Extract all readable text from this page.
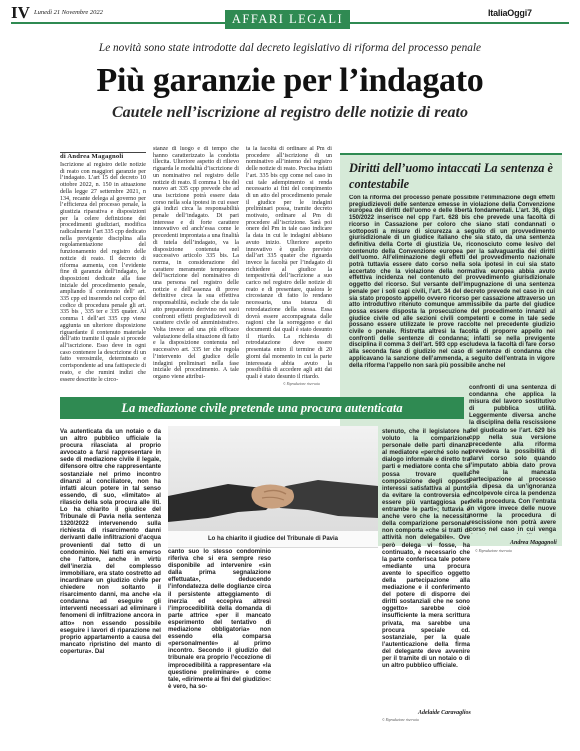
IV Lunedì 21 Novembre 2022	AFFARI LEGALI	ItaliaOggi7
Le novità sono state introdotte dal decreto legislativo di riforma del processo penale
Più garanzie per l’indagato
Cautele nell’iscrizione al registro delle notizie di reato
di Andrea Magagnoli
Iscrizione al registro delle notizie di reato con maggiori garanzie per l’indagato. L’art 15 del decreto 10 ottobre 2022, n. 150 in attuazione della legge 27 settembre 2021, n 134, recante delega al governo per l’efficienza del processo penale, la giustizia riparativa e disposizioni per la celere definizione dei procedimenti giudiziari, modifica radicalmente l’art 335 cpp dedicato nella previgente disciplina alla regolamentazione del funzionamento del registro delle notizie di reato. Il decreto di riforma aumenta, con l’evidente fine di garanzia dell’indagato, le disposizioni dedicate alla fase iniziale del procedimento penale, ampliando il contenuto dell’ art. 335 cpp ed inserendo nel corpo del codice di procedura penale gli art. 335 bis , 335 ter e 335 quater. Al comma 1 dell’art 335 cpp viene aggiunta un ulteriore disposizione riguardante il contenuto materiale dell’atto tramite il quale si procede all’iscrizione. Esso deve in ogni caso contenere la descrizione di un fatto verosimile, determinato e corrispondente ad una fattispecie di reato, e che rumini indizi che essere descritte le circo-
stanze di luogo e di tempo che hanno caratterizzato la condotta illecita. Ulteriore aspetto di rilievo riguarda le modalità d’iscrizione di un nominativo nel registro delle notizie di reato. Il comma 1 bis del nuovo art 335 cpp prevede che ad una iscrizione potrà essere data corso nella sola ipotesi in cui esser già indizi circa la responsabilità penale dell’indagato. Di pari interesse e di forte carattere innovativo ed anch’essa come le precedenti improntata a una finalità di tutela dell’indagato, va la disposizione contenuta nel successivo articolo 335 bis. La norma, in considerazione del carattere meramente temporaneo dell’iscrizione del nominativo di una persona nel registro delle notizie e dell’assenza di prove definitive circa la sua effettiva responsabilità, esclude che da tale atto preparatorio derivino nei suoi confronti effetti pregiudizievoli di carattere civile od amministrativo. Volta invece ad una più efficace valutazione della situazione di fatto e la disposizione contenuta nel successivo art. 335 ter che regola l’intervento del giudice delle indagini preliminari nella fase iniziale del procedimento. A tale organo viene attribui-
ta la facoltà di ordinare al Pm di procedere all’iscrizione di un nominativo all’interno del registro delle notizie di reato. Precisa infatti l’art. 335 bis cpp come nel caso in cui tale adempimento si renda necessario ai fini del compimento di un atto del procedimento penale il giudice per le indagini preliminari possa, tramite decreto motivato, ordinare al Pm di procedere all’iscrizione. Sarà poi onere del Pm in tale caso indicare la data in cui le indagini abbiano avuto inizio. Ulteriore aspetto innovativo è quello previsto dall’art 335 quater che riguarda invece la facoltà per l’indagato di richiedere al giudice la tempestività dell’iscrizione a suo carico nel registro delle notizie di reato e di presentare, qualora le circostanze di fatto lo rendano necessaria, una istanza di retrodatazione della stessa. Essa dovrà essere accompagnata dalle ragioni che la sorreggono e dai documenti dai quali è stato desunto il ritardo. La richiesta di retrodatazione deve essere presentata entro il termine di 20 giorni dal momento in cui la parte interessata abbia avuto la possibilità di accedere agli atti dai quali è stato desunto il ritardo.
© Riproduzione riservata
Diritti dell’uomo intaccati La sentenza è contestabile
Con la riforma del processo penale possibile l’eliminazione degli effetti pregiudizievoli delle sentenze emesse in violazione della Convenzione europea dei diritti dell’uomo e delle libertà fondamentali. L’art. 36, dlgs 150/2022 inserisce nel cpp l’art. 628 bis che prevede una facoltà di ricorso in Cassazione per coloro che siano stati condannati o sottoposti a misure di sicurezza a seguito di un provvedimento giurisdizionale di un giudice italiano che sia stato, da una sentenza definitiva della Corte di giustizia Ue, riconosciuto come lesivo del contenuto della Convenzione europea per la salvaguardia dei diritti dell’uomo. All’eliminazione degli effetti del provvedimento nazionale potrà tuttavia essere dato corso nella sola ipotesi in cui sia stato accertato che la violazione della normativa europea abbia avuto effettiva incidenza nel contenuto del provvedimento giurisdizionale oggetto del ricorso. Sul versante dell’impugnazione di una sentenza penale per i soli capi civili, l’art. 34 del decreto prevede nel caso in cui sia stato proposto appello ovvero ricorso per cassazione attraverso un atto introduttivo ritenuto comunque ammissibile da parte del giudice possa essere disposta la prosecuzione del procedimento innanzi al giudice civile od alle sezioni civili competenti e come in tale sede possano essere utilizzate le prove raccolte nel precedente giudizio civile o penale. Ristretta altresì la facoltà di proporre appello nei confronti delle sentenze di condanna; infatti se nella previgente disciplina il comma 3 dell’art. 593 cpp escludeva la facoltà di fare corso alla seconda fase di giudizio nel caso di sentenze di condanna che applicavano la sanzione dell’ammenda, a seguito dell’entrata in vigore della riforma l’appello non sarà più possibile anche nel
confronti di una sentenza di condanna che applica la misura del lavoro sostitutivo di pubblica utilità. Leggermente diversa anche la disciplina della rescissione del giudicato se l’art. 629 bis cpp nella sua versione precedente alla riforma prevedeva la possibilità di darvi corso solo quando l’imputato abbia dato prova che la mancata partecipazione al processo sia dipesa da un’ignoranza incolpevole circa la pendenza della procedura. Con l’entrata in vigore invece delle nuove norme la procedura di rescissione non potrà avere corso nel caso in cui venga
La mediazione civile pretende una procura autenticata
Va autenticata da un notaio o da un altro pubblico ufficiale la procura rilasciata al proprio avvocato a farsi rappresentare in sede di mediazione civile il legale, difensore oltre che rappresentante sostanziale nel primo incontro dinanzi al conciliatore, non ha infatti alcun potere in tal senso essendo, di suo, «limitato» al rilascio della sola procura alle liti. Lo ha chiarito il giudice del Tribunale di Pavia nella sentenza 1320/2022 intervenendo sulla richiesta di risarcimento danni derivanti dalle infiltrazioni d’acqua provenienti dal tetto di un condominio. Nei fatti era emerso che l’attore, anche in virtù dell’inerzia del complesso immobiliare, era stato costretto ad incardinare un giudizio civile per chiedere non soltanto il risarcimento danni, ma anche «la condanna ad eseguire gli interventi necessari ad eliminare i fenomeni di infiltrazione ancora in atto» non essendo possibile eseguire i lavori di riparazione nel proprio appartamento a causa del mancato ripristino del manto di copertura». Dal
Lo ha chiarito il giudice del Tribunale di Pavia
canto suo lo stesso condominio riferiva che si era sempre reso disponibile ad intervenire «sin dalla prima segnalazione effettuata», deducendo l’infondatezza delle doglianze circa il persistente atteggiamento di inerzia ed eccepiva altresì l’improcedibilità della domanda di parte attrice «per il mancato esperimento del tentativo di mediazione obbligatoria» non essendo ella comparsa «personalmente» al primo incontro. Secondo il giudizio del tribunale era proprio l’eccezione di improcedibilità a rappresentare «la questione preliminare» e come tale, «dirimente ai fini del giudizio»: è vero, ha so-
stenuto, che il legislatore ha voluto la comparizione personale delle parti dinanzi al mediatore «perché solo nel dialogo informale e diretto tra parti e mediatore conta che si possa trovare quella composizione degli opposti interessi satisfattiva al punto da evitare la controversia ed essere più vantaggiosa per entrambe le parti»; tuttavia è anche vero che la necessità della comparizione personale non comporta «che si tratti di attività non delegabile». Ove però delega vi fosse, ha continuato, è necessario che la parte conferisca tale potere «mediante una procura avente lo specifico oggetto della partecipazione alla mediazione e il conferimento del potere di disporre dei diritti sostanziali che ne sono oggetto» sarebbe cioè insufficiente la mera scrittura privata, ma sarebbe una procura speciale cd. sostanziale, per la quale l’autenticazione della firma del delegante deve avvenire per il tramite di un notaio o di un altro pubblico ufficiale.
Adelaide Caravaglios
© Riproduzione riservata
Andrea Magagnoli
© Riproduzione riservata
